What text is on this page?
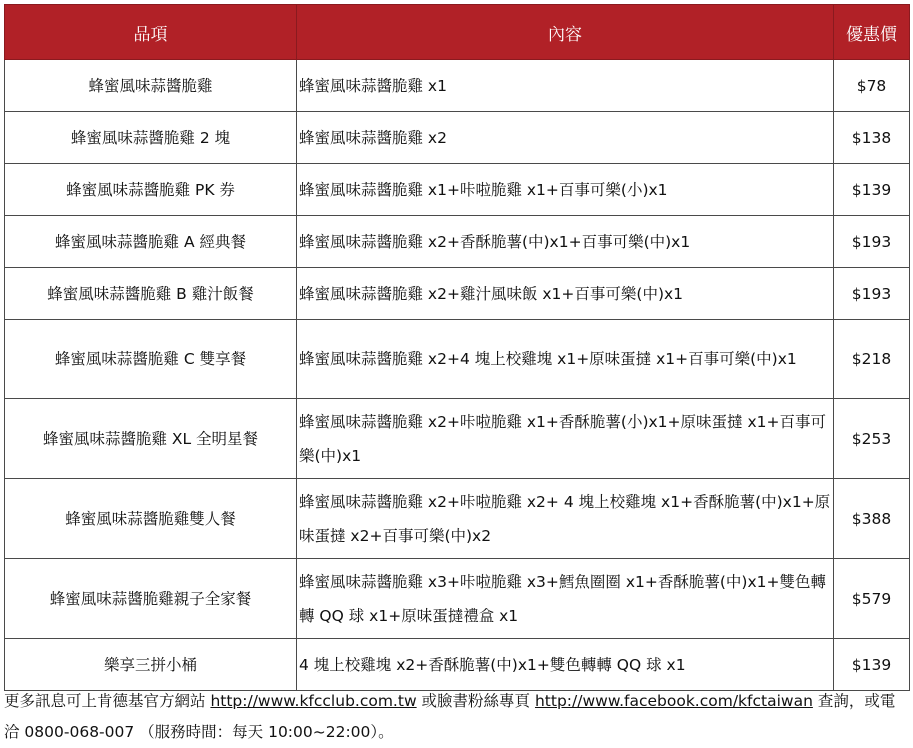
品項	內容	優惠價
蜂蜜風味蒜醬脆雞	蜂蜜風味蒜醬脆雞 x1	$78
蜂蜜風味蒜醬脆雞 2 塊	蜂蜜風味蒜醬脆雞 x2	$138
蜂蜜風味蒜醬脆雞 PK 券	蜂蜜風味蒜醬脆雞 x1+咔啦脆雞 x1+百事可樂(小)x1	$139
蜂蜜風味蒜醬脆雞 A 經典餐	蜂蜜風味蒜醬脆雞 x2+香酥脆薯(中)x1+百事可樂(中)x1	$193
蜂蜜風味蒜醬脆雞 B 雞汁飯餐	蜂蜜風味蒜醬脆雞 x2+雞汁風味飯 x1+百事可樂(中)x1	$193
蜂蜜風味蒜醬脆雞 C 雙享餐	蜂蜜風味蒜醬脆雞 x2+4 塊上校雞塊 x1+原味蛋撻 x1+百事可樂(中)x1	$218
蜂蜜風味蒜醬脆雞 XL 全明星餐	蜂蜜風味蒜醬脆雞 x2+咔啦脆雞 x1+香酥脆薯(小)x1+原味蛋撻 x1+百事可樂(中)x1	$253
蜂蜜風味蒜醬脆雞雙人餐	蜂蜜風味蒜醬脆雞 x2+咔啦脆雞 x2+ 4 塊上校雞塊 x1+香酥脆薯(中)x1+原味蛋撻 x2+百事可樂(中)x2	$388
蜂蜜風味蒜醬脆雞親子全家餐	蜂蜜風味蒜醬脆雞 x3+咔啦脆雞 x3+鱈魚圈圈 x1+香酥脆薯(中)x1+雙色轉轉 QQ 球 x1+原味蛋撻禮盒 x1	$579
樂享三拼小桶	4 塊上校雞塊 x2+香酥脆薯(中)x1+雙色轉轉 QQ 球 x1	$139
更多訊息可上肯德基官方網站 http://www.kfcclub.com.tw 或臉書粉絲專頁 http://www.facebook.com/kfctaiwan 查詢，或電洽 0800-068-007 （服務時間：每天 10:00~22:00）。
